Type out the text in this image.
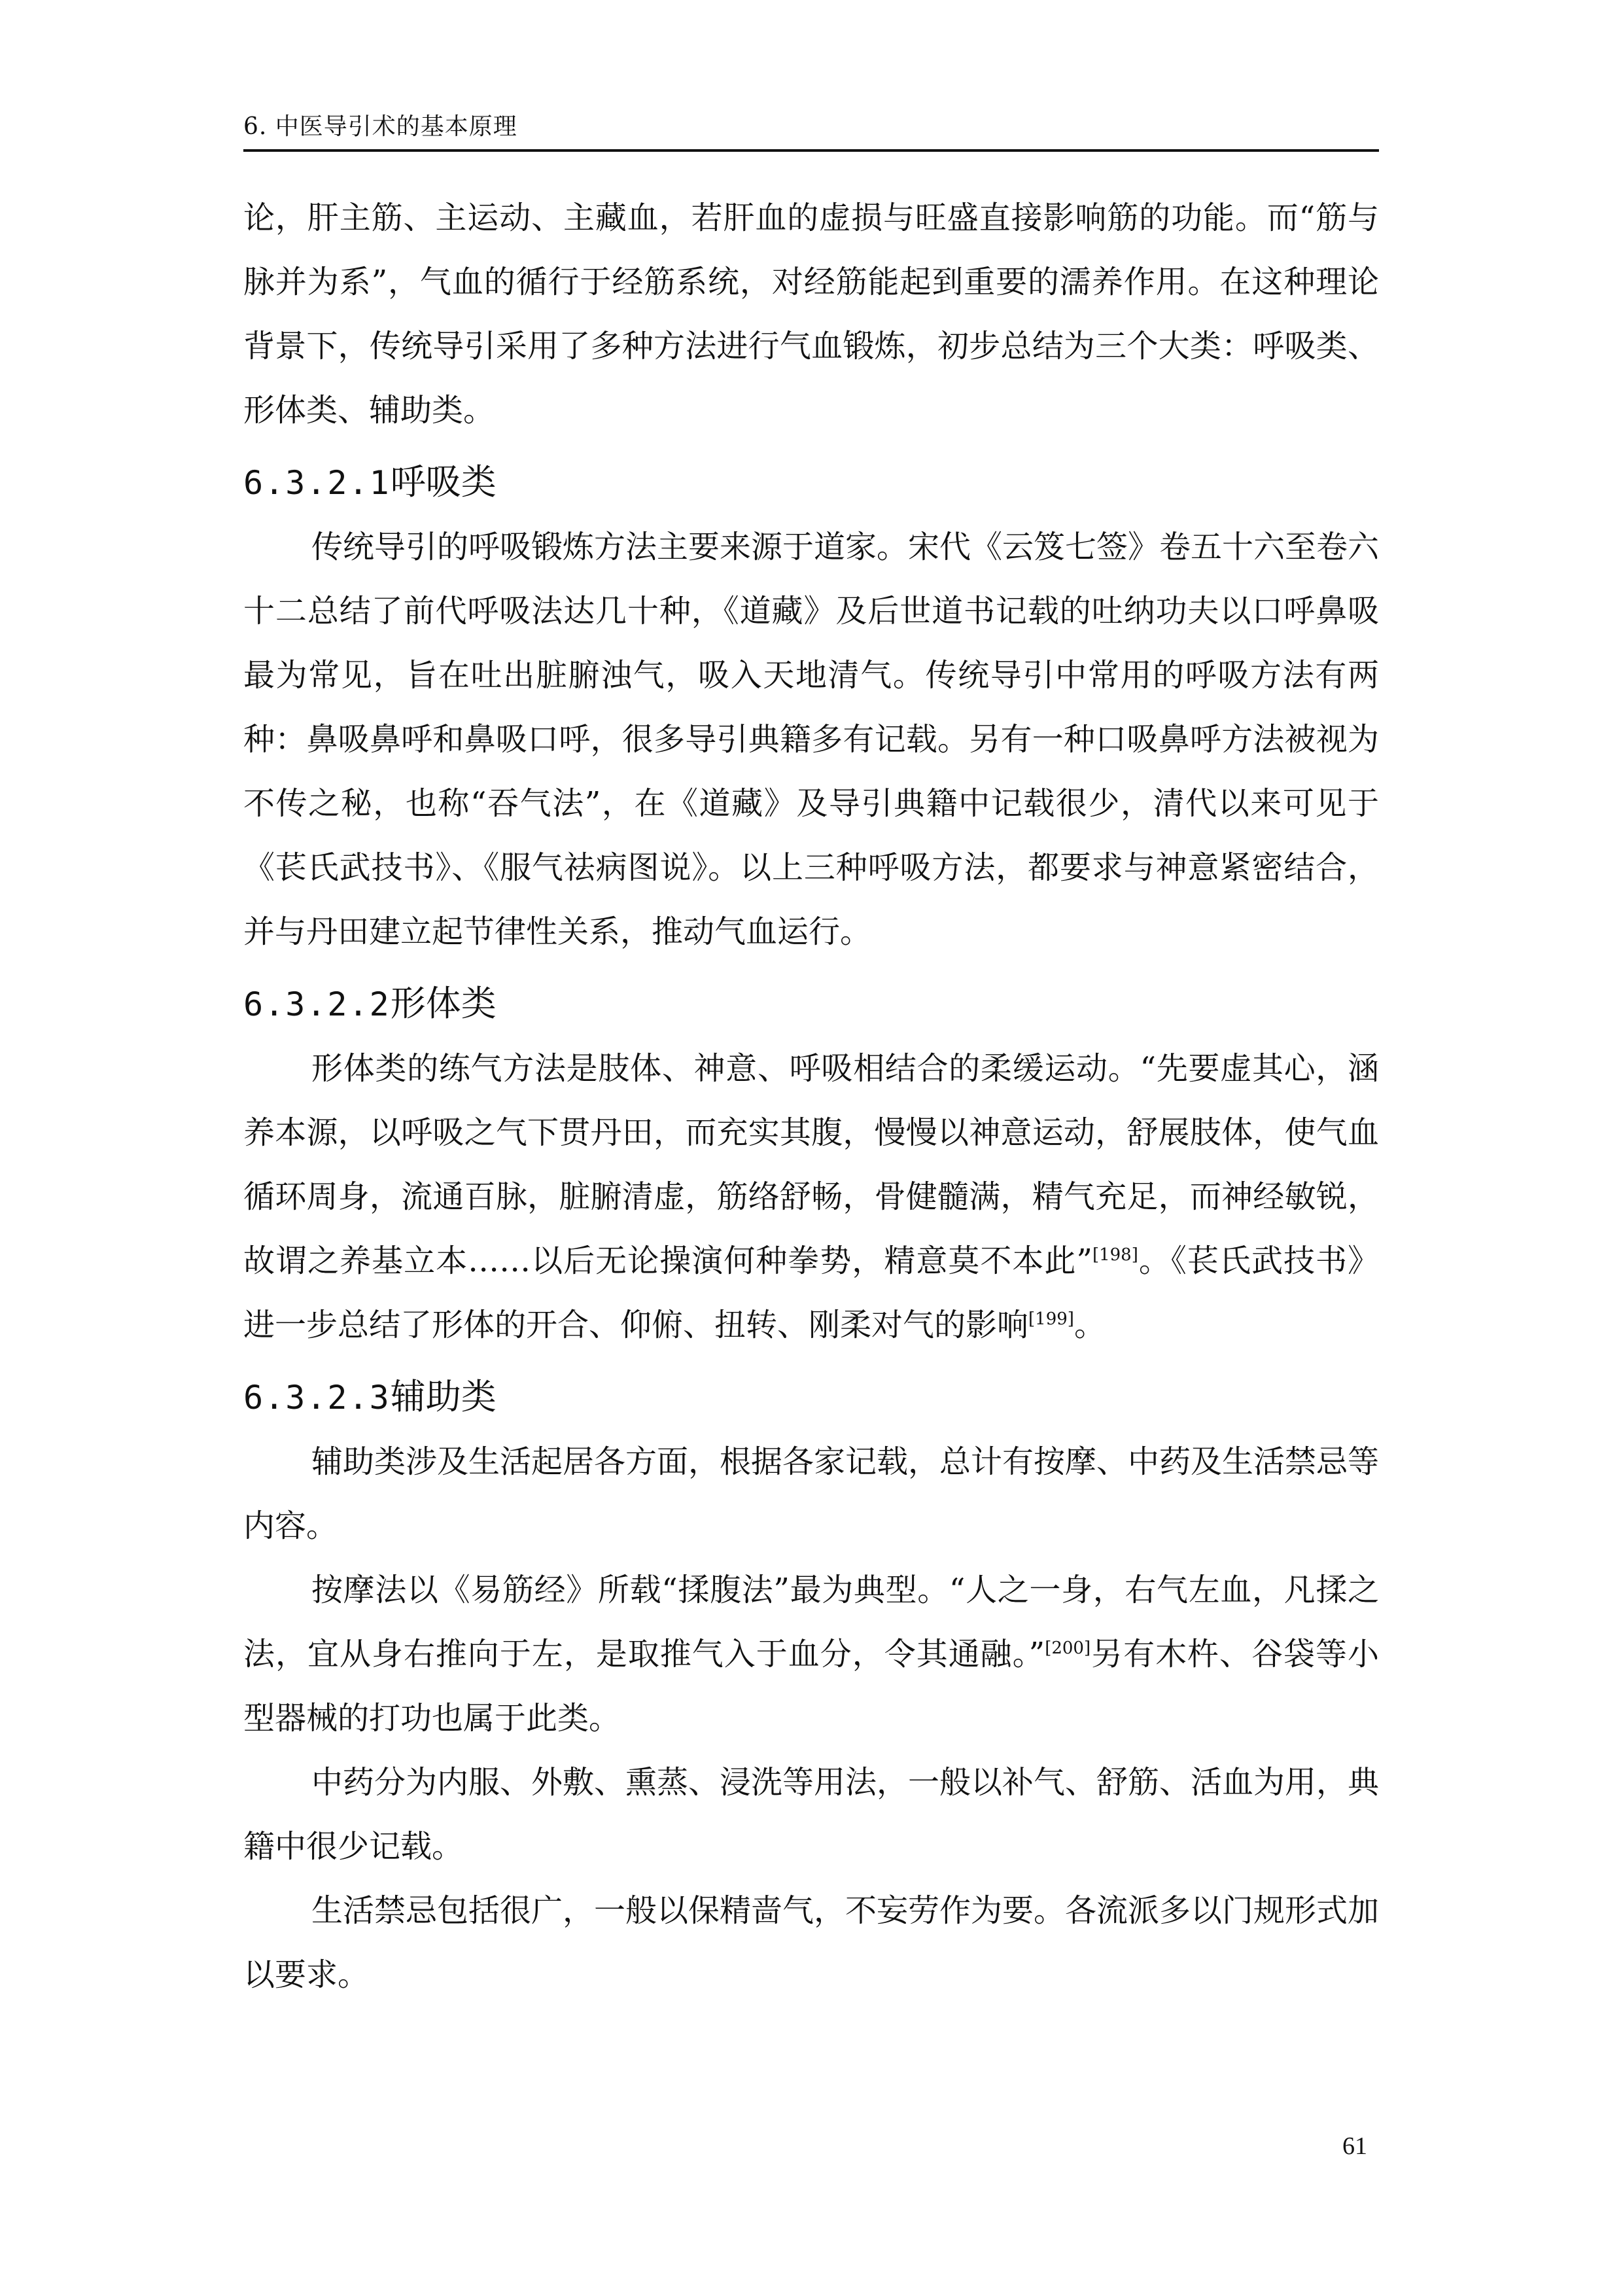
6. 中医导引术的基本原理

论，肝主筋、主运动、主藏血，若肝血的虚损与旺盛直接影响筋的功能。而“筋与脉并为系”，气血的循行于经筋系统，对经筋能起到重要的濡养作用。在这种理论背景下，传统导引采用了多种方法进行气血锻炼，初步总结为三个大类：呼吸类、形体类、辅助类。

6.3.2.1呼吸类

传统导引的呼吸锻炼方法主要来源于道家。宋代《云笈七签》卷五十六至卷六十二总结了前代呼吸法达几十种，《道藏》及后世道书记载的吐纳功夫以口呼鼻吸最为常见，旨在吐出脏腑浊气，吸入天地清气。传统导引中常用的呼吸方法有两种：鼻吸鼻呼和鼻吸口呼，很多导引典籍多有记载。另有一种口吸鼻呼方法被视为不传之秘，也称“吞气法”，在《道藏》及导引典籍中记载很少，清代以来可见于《苌氏武技书》、《服气祛病图说》。以上三种呼吸方法，都要求与神意紧密结合，并与丹田建立起节律性关系，推动气血运行。

6.3.2.2形体类

形体类的练气方法是肢体、神意、呼吸相结合的柔缓运动。“先要虚其心，涵养本源，以呼吸之气下贯丹田，而充实其腹，慢慢以神意运动，舒展肢体，使气血循环周身，流通百脉，脏腑清虚，筋络舒畅，骨健髓满，精气充足，而神经敏锐，故谓之养基立本……以后无论操演何种拳势，精意莫不本此”[198]。《苌氏武技书》进一步总结了形体的开合、仰俯、扭转、刚柔对气的影响[199]。

6.3.2.3辅助类

辅助类涉及生活起居各方面，根据各家记载，总计有按摩、中药及生活禁忌等内容。

按摩法以《易筋经》所载“揉腹法”最为典型。“人之一身，右气左血，凡揉之法，宜从身右推向于左，是取推气入于血分，令其通融。”[200]另有木杵、谷袋等小型器械的打功也属于此类。

中药分为内服、外敷、熏蒸、浸洗等用法，一般以补气、舒筋、活血为用，典籍中很少记载。

生活禁忌包括很广，一般以保精啬气，不妄劳作为要。各流派多以门规形式加以要求。

61
